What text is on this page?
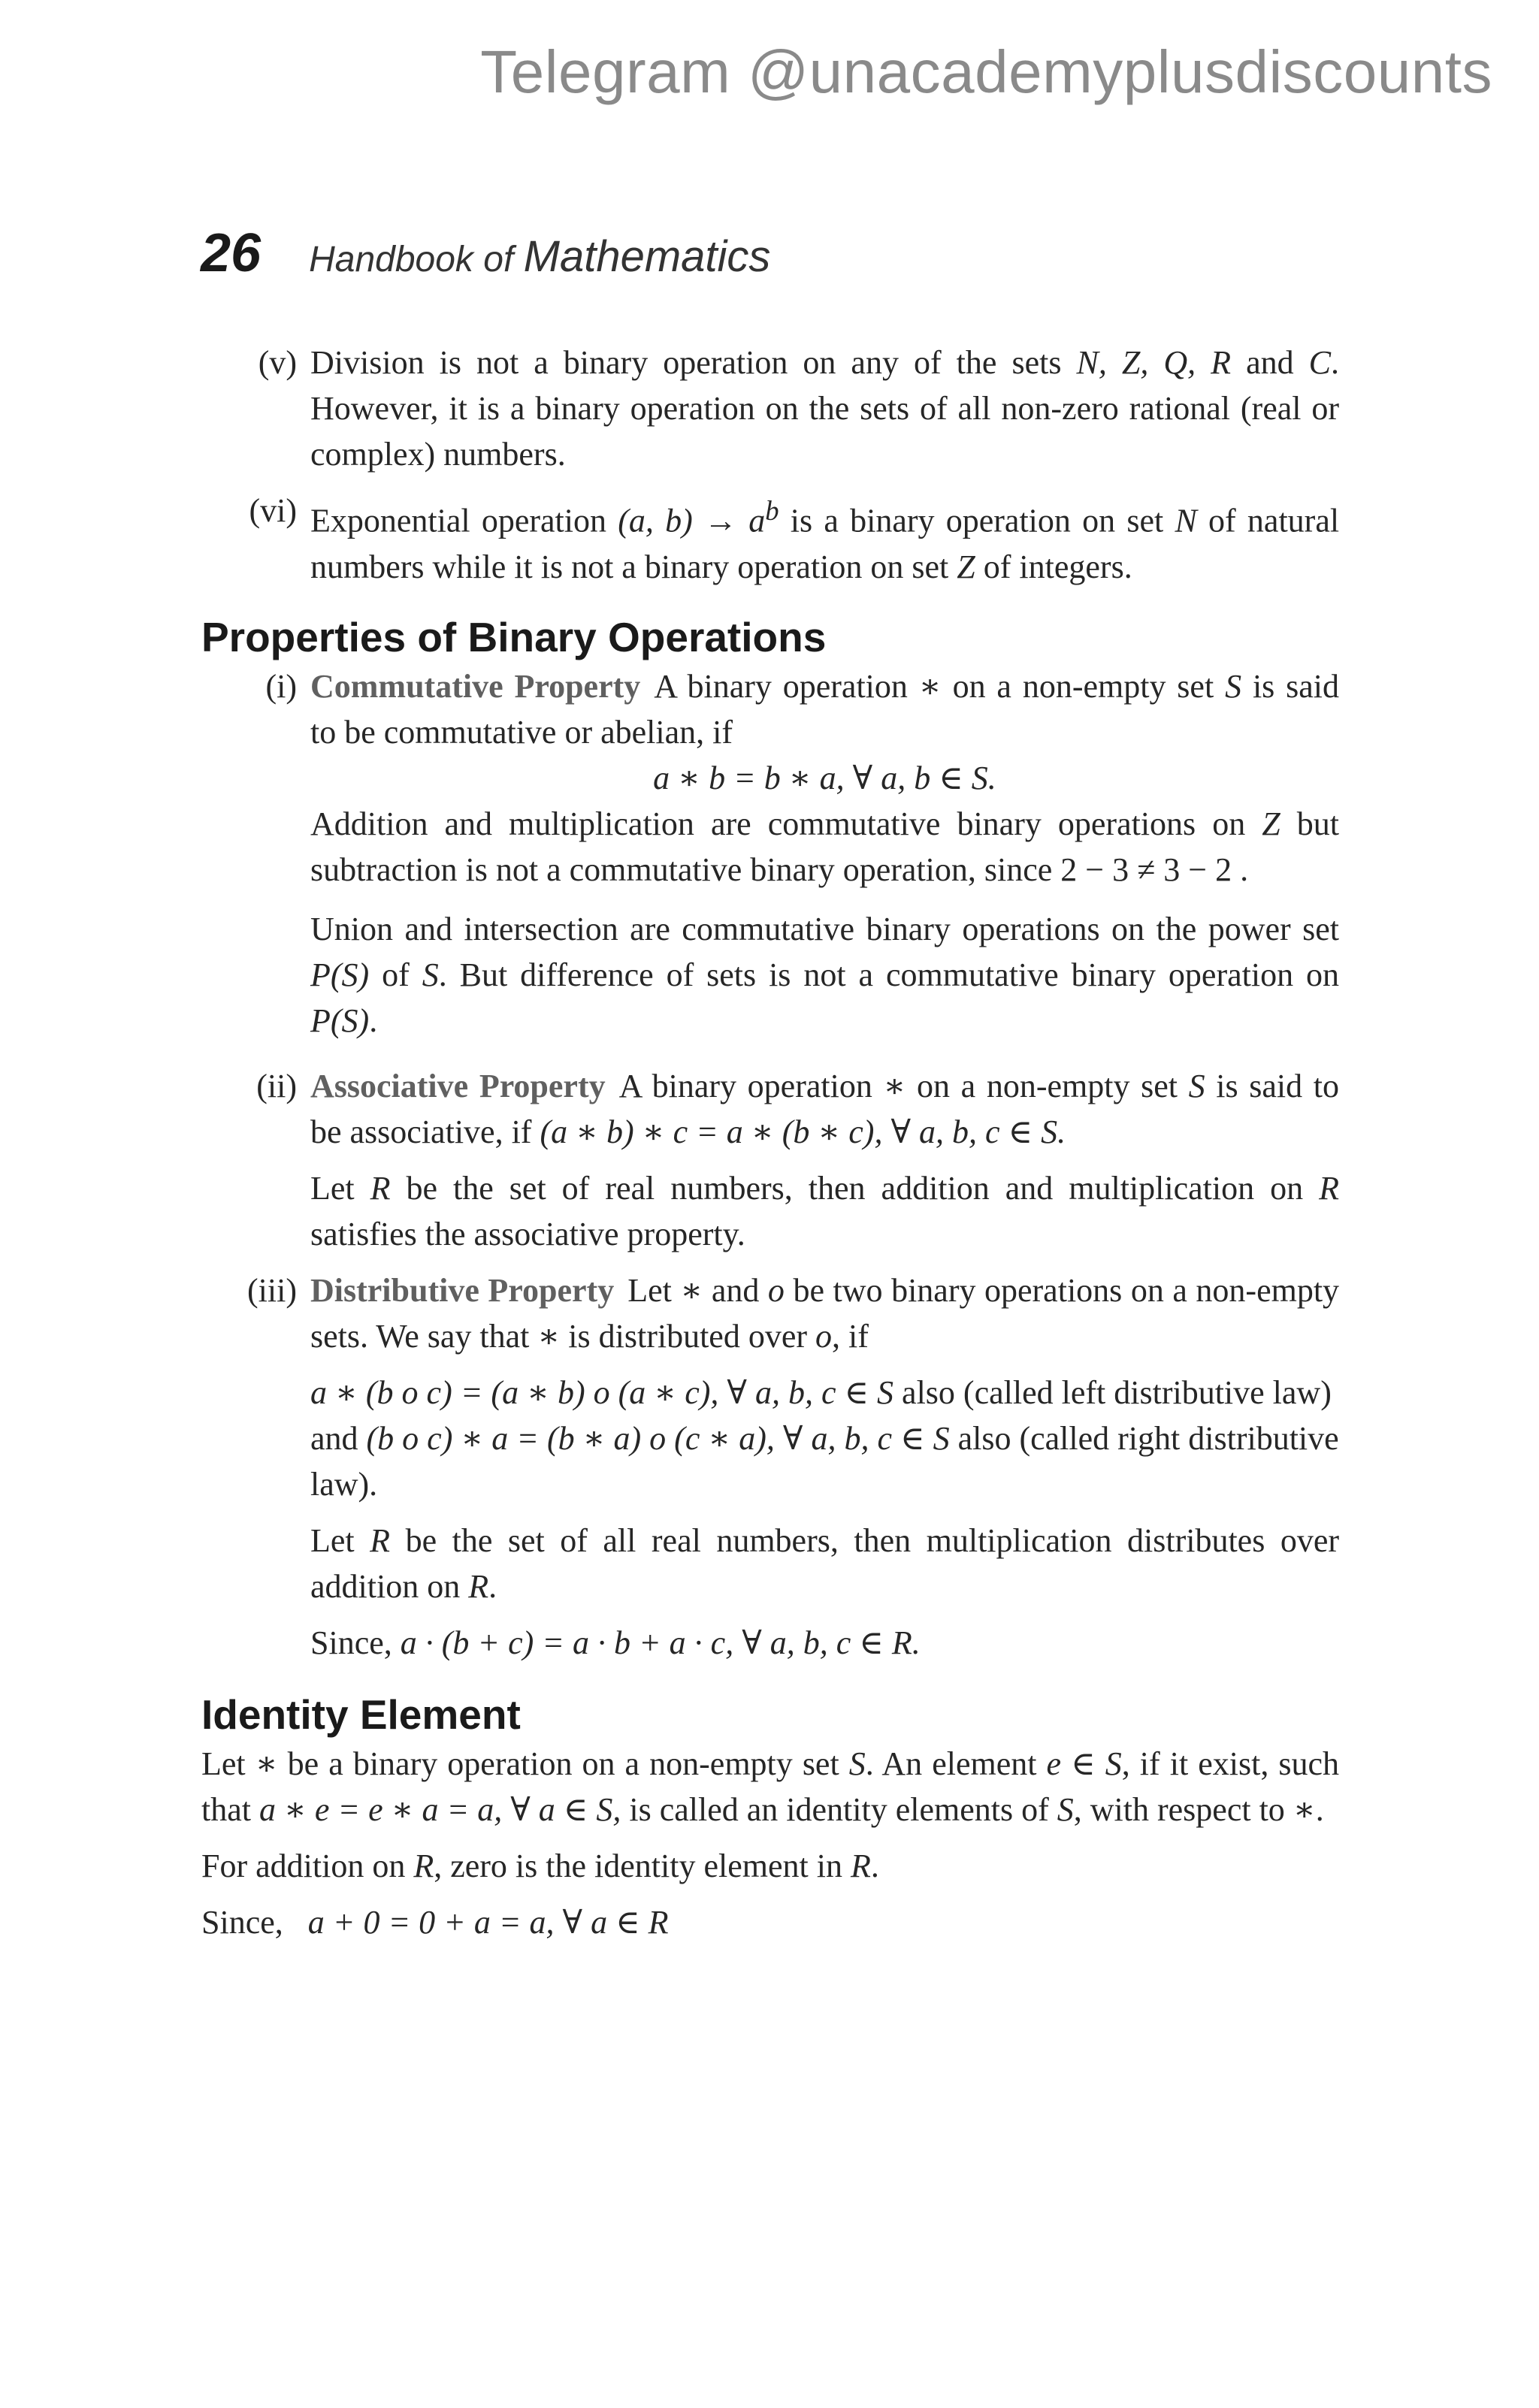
Telegram @unacademyplusdiscounts
26 Handbook of Mathematics
(v) Division is not a binary operation on any of the sets N, Z, Q, R and C. However, it is a binary operation on the sets of all non-zero rational (real or complex) numbers.

(vi) Exponential operation (a, $b) \to a^b$ is a binary operation on set N of natural numbers while it is not a binary operation on set Z of integers.

Properties of Binary Operations
(i) Commutative Property A binary operation ∗ on a non-empty set S is said to be commutative or abelian, if

a ∗ b = b ∗ a, ∀ a, b ∈ S.

Addition and multiplication are commutative binary operations on Z but subtraction is not a commutative binary operation, since 2 − 3 ≠ 3 − 2 .

Union and intersection are commutative binary operations on the power set P(S) of S. But difference of sets is not a commutative binary operation on P(S).

(ii) Associative Property A binary operation ∗ on a non-empty set S is said to be associative, if (a ∗ b) ∗ c = a ∗ (b ∗ c), ∀ a, b, c ∈ S.

Let R be the set of real numbers, then addition and multiplication on R satisfies the associative property.

(iii) Distributive Property Let ∗ and o be two binary operations on a non-empty sets. We say that ∗ is distributed over o, if

a ∗ (b o c) = (a ∗ b) o (a ∗ c), ∀ a, b, c ∈ S also (called left distributive law) and (b o c) ∗ a = (b ∗ a) o (c ∗ a), ∀ a, b, c ∈ S also (called right distributive law).

Let R be the set of all real numbers, then multiplication distributes over addition on R.

Since, a · (b + c) = a · b + a · c, ∀ a, b, c ∈ R.

Identity Element

Let ∗ be a binary operation on a non-empty set S. An element e ∈ S, if it exist, such that a ∗ e = e ∗ a = a, ∀ a ∈ S, is called an identity elements of S, with respect to ∗.

For addition on R, zero is the identity element in R.

Since, a + 0 = 0 + a = a, ∀ a ∈ R
